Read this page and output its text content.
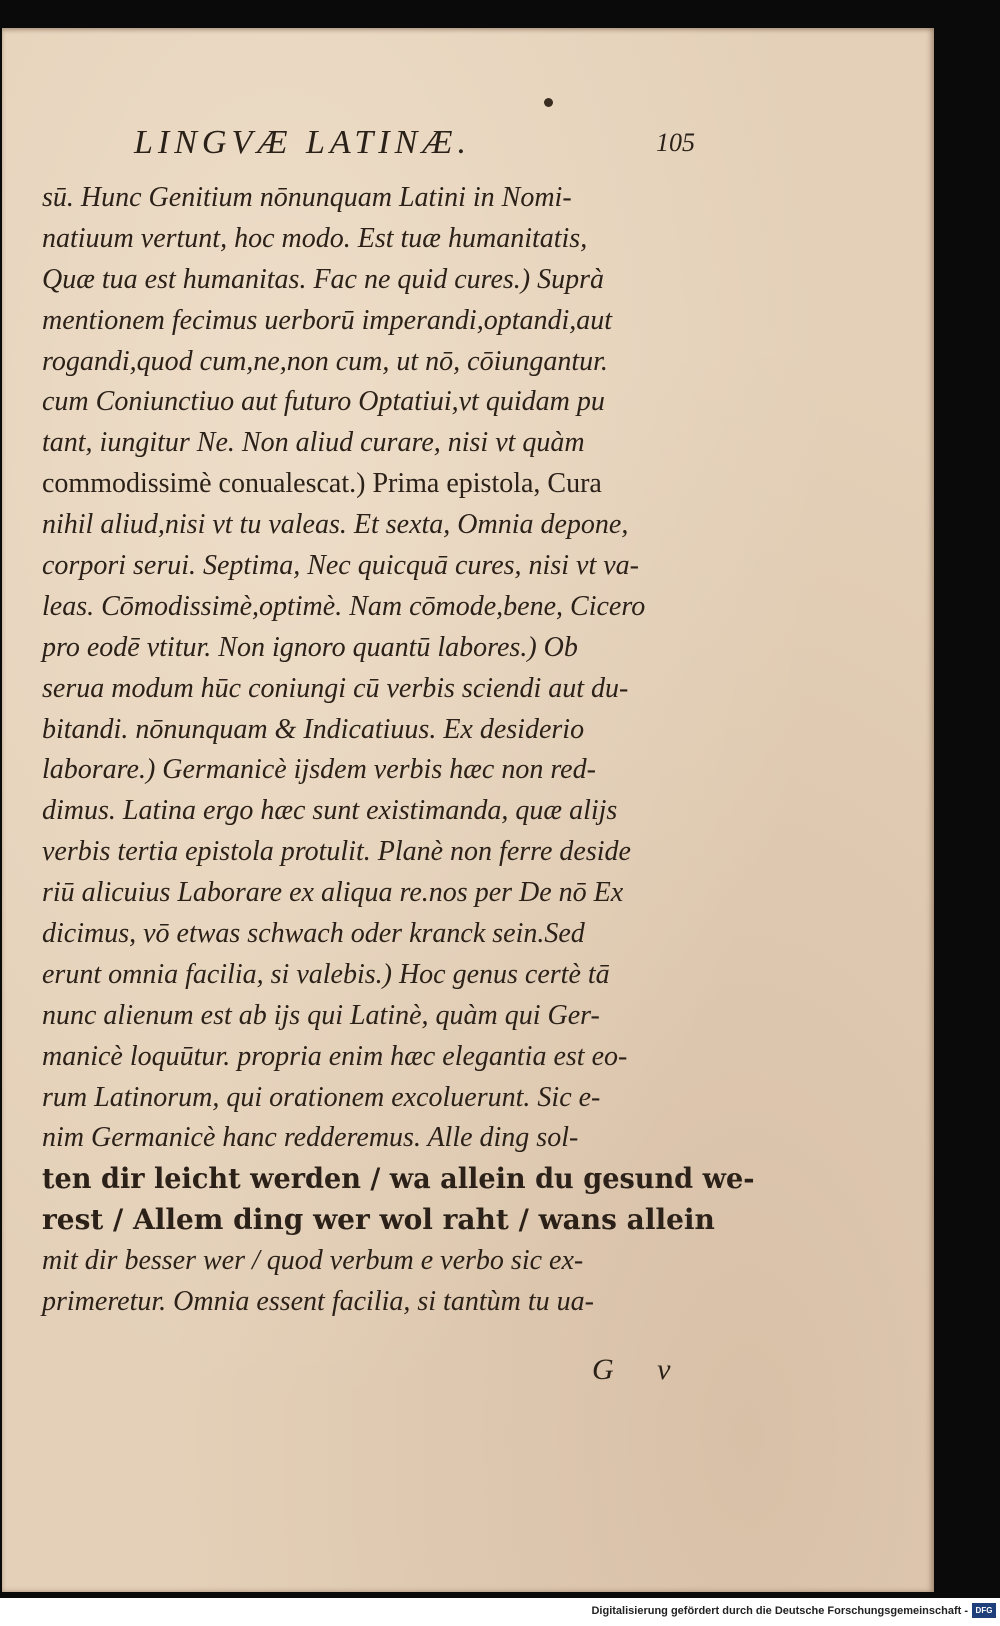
LINGVÆ LATINÆ.	105
sū. Hunc Genitium nōnunquam Latini in Nomi-
natiuum vertunt, hoc modo. Est tuæ humanitatis,
Quæ tua est humanitas. Fac ne quid cures.) Suprà
mentionem fecimus uerborū imperandi,optandi,aut
rogandi,quod cum,ne,non cum, ut nō, cōiungantur.
cum Coniunctiuo aut futuro Optatiui,vt quidam pu
tant, iungitur Ne. Non aliud curare, nisi vt quàm
commodissimè conualescat.) Prima epistola, Cura
nihil aliud,nisi vt tu valeas. Et sexta, Omnia depone,
corpori serui. Septima, Nec quicquā cures, nisi vt va-
leas. Cōmodissimè,optimè. Nam cōmode,bene, Cicero
pro eodē vtitur. Non ignoro quantū labores.) Ob
serua modum hūc coniungi cū verbis sciendi aut du-
bitandi. nōnunquam & Indicatiuus. Ex desiderio
laborare.) Germanicè ijsdem verbis hæc non red-
dimus. Latina ergo hæc sunt existimanda, quæ alijs
verbis tertia epistola protulit. Planè non ferre deside
riū alicuius Laborare ex aliqua re.nos per De nō Ex
dicimus, vō etwas schwach oder kranck sein.Sed
erunt omnia facilia, si valebis.) Hoc genus certè tā
nunc alienum est ab ijs qui Latinè, quàm qui Ger-
manicè loquūtur. propria enim hæc elegantia est eo-
rum Latinorum, qui orationem excoluerunt. Sic e-
nim Germanicè hanc redderemus. Alle ding sol-
ten dir leicht werden / wa allein du gesund we-
rest / Allem ding wer wol raht / wans allein
mit dir besser wer / quod verbum e verbo sic ex-
primeretur. Omnia essent facilia, si tantùm tu ua-
G v
Digitalisierung gefördert durch die Deutsche Forschungsgemeinschaft - DFG
